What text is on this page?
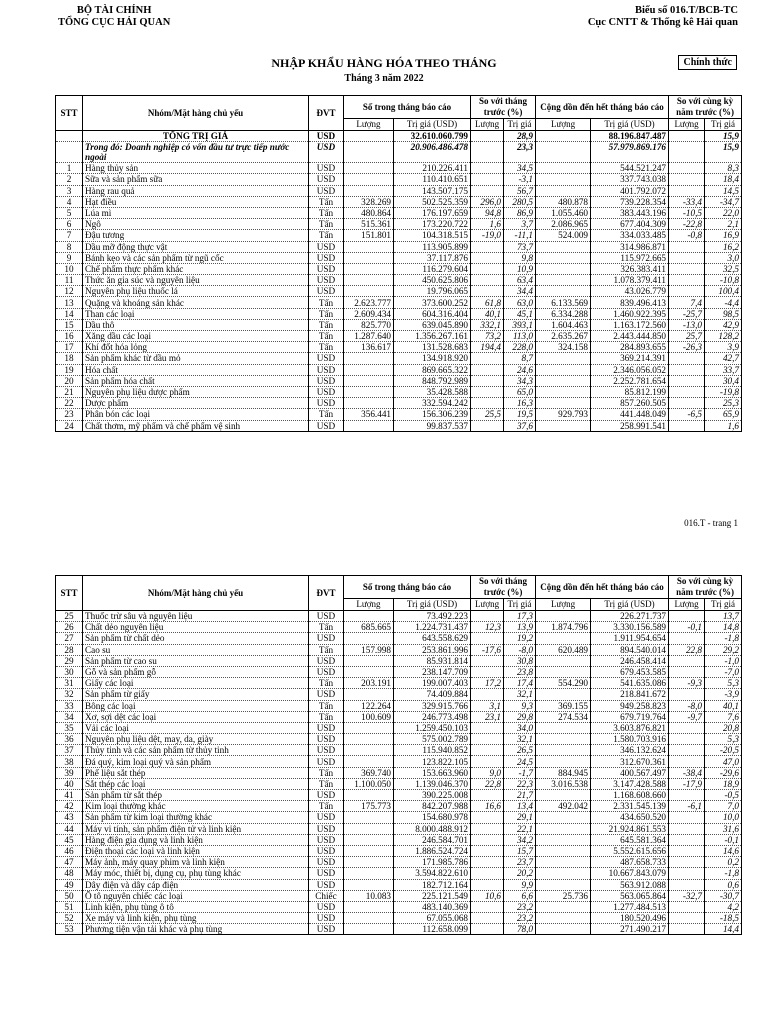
BỘ TÀI CHÍNH
TỔNG CỤC HẢI QUAN
Biểu số 016.T/BCB-TC
Cục CNTT & Thống kê Hải quan
NHẬP KHẨU HÀNG HÓA THEO THÁNG
Tháng 3 năm 2022
Chính thức
STT	Nhóm/Mặt hàng chủ yếu	ĐVT	Số trong tháng báo cáo		So với tháng trước (%)		Cộng dồn đến hết tháng báo cáo		So với cùng kỳ năm trước (%)	
			Lượng	Trị giá (USD)	Lượng	Trị giá	Lượng	Trị giá (USD)	Lượng	Trị giá
	TỔNG TRỊ GIÁ	USD		32.610.060.799		28,9		88.196.847.487		15,9
	Trong đó: Doanh nghiệp có vốn đầu tư trực tiếp nước ngoài	USD		20.906.486.478		23,3		57.979.869.176		15,9
1	Hàng thủy sản	USD		210.226.411		34,5		544.521.247		8,3
2	Sữa và sản phẩm sữa	USD		110.410.651		-3,1		337.743.038		18,4
3	Hàng rau quả	USD		143.507.175		56,7		401.792.072		14,5
4	Hạt điều	Tấn	328.269	502.525.359	296,0	280,5	480.878	739.228.354	-33,4	-34,7
5	Lúa mì	Tấn	480.864	176.197.659	94,8	86,9	1.055.460	383.443.196	-10,5	22,0
6	Ngô	Tấn	515.361	173.220.722	1,6	3,7	2.086.965	677.404.309	-22,8	2,1
7	Đậu tương	Tấn	151.801	104.318.515	-19,0	-11,1	524.009	334.033.485	-0,8	16,9
8	Dầu mỡ động thực vật	USD		113.905.899		73,7		314.986.871		16,2
9	Bánh kẹo và các sản phẩm từ ngũ cốc	USD		37.117.876		9,8		115.972.665		3,0
10	Chế phẩm thực phẩm khác	USD		116.279.604		10,9		326.383.411		32,5
11	Thức ăn gia súc và nguyên liệu	USD		450.625.806		63,4		1.078.379.411		-10,8
12	Nguyên phụ liệu thuốc lá	USD		19.796.065		34,4		43.026.779		100,4
13	Quặng và khoáng sản khác	Tấn	2.623.777	373.600.252	61,8	63,0	6.133.569	839.496.413	7,4	-4,4
14	Than các loại	Tấn	2.609.434	604.316.404	40,1	45,1	6.334.288	1.460.922.395	-25,7	98,5
15	Dầu thô	Tấn	825.770	639.045.890	332,1	393,1	1.604.463	1.163.172.560	-13,0	42,9
16	Xăng dầu các loại	Tấn	1.287.640	1.356.267.161	73,2	113,0	2.635.267	2.443.444.850	25,7	128,2
17	Khí đốt hóa lỏng	Tấn	136.617	131.528.683	194,4	228,0	324.158	284.893.655	-26,3	3,9
18	Sản phẩm khác từ dầu mỏ	USD		134.918.920		8,7		369.214.391		42,7
19	Hóa chất	USD		869.665.322		24,6		2.346.056.052		33,7
20	Sản phẩm hóa chất	USD		848.792.989		34,3		2.252.781.654		30,4
21	Nguyên phụ liệu dược phẩm	USD		35.428.588		65,0		85.812.199		-19,8
22	Dược phẩm	USD		332.594.242		16,3		857.260.505		25,3
23	Phân bón các loại	Tấn	356.441	156.306.239	25,5	19,5	929.793	441.448.049	-6,5	65,9
24	Chất thơm, mỹ phẩm và chế phẩm vệ sinh	USD		99.837.537		37,6		258.991.541		1,6
016.T - trang 1
STT	Nhóm/Mặt hàng chủ yếu	ĐVT	Số trong tháng báo cáo		So với tháng trước (%)		Cộng dồn đến hết tháng báo cáo		So với cùng kỳ năm trước (%)	
			Lượng	Trị giá (USD)	Lượng	Trị giá	Lượng	Trị giá (USD)	Lượng	Trị giá
25	Thuốc trừ sâu và nguyên liệu	USD		73.492.223		17,3		226.271.737		13,7
26	Chất dẻo nguyên liệu	Tấn	685.665	1.224.731.437	12,3	13,9	1.874.796	3.330.156.589	-0,1	14,8
27	Sản phẩm từ chất dẻo	USD		643.558.629		19,2		1.911.954.654		-1,8
28	Cao su	Tấn	157.998	253.861.996	-17,6	-8,0	620.489	894.540.014	22,8	29,2
29	Sản phẩm từ cao su	USD		85.931.814		30,8		246.458.414		-1,0
30	Gỗ và sản phẩm gỗ	USD		238.147.709		23,8		679.453.585		-7,0
31	Giấy các loại	Tấn	203.191	199.007.403	17,2	17,4	554.290	541.635.086	-9,3	5,3
32	Sản phẩm từ giấy	USD		74.409.884		32,1		218.841.672		-3,9
33	Bông các loại	Tấn	122.264	329.915.766	3,1	9,3	369.155	949.258.823	-8,0	40,1
34	Xơ, sợi dệt các loại	Tấn	100.609	246.773.498	23,1	29,8	274.534	679.719.764	-9,7	7,6
35	Vải các loại	USD		1.259.450.103		34,0		3.603.876.821		20,8
36	Nguyên phụ liệu dệt, may, da, giày	USD		575.002.789		32,1		1.580.703.916		5,3
37	Thủy tinh và các sản phẩm từ thủy tinh	USD		115.940.852		26,5		346.132.624		-20,5
38	Đá quý, kim loại quý và sản phẩm	USD		123.822.105		24,5		312.670.361		47,0
39	Phế liệu sắt thép	Tấn	369.740	153.663.960	9,0	-1,7	884.945	400.567.497	-38,4	-29,6
40	Sắt thép các loại	Tấn	1.100.050	1.139.046.370	22,8	22,3	3.016.538	3.147.428.588	-17,9	18,9
41	Sản phẩm từ sắt thép	USD		390.225.008		21,7		1.168.608.660		-0,5
42	Kim loại thường khác	Tấn	175.773	842.207.988	16,6	13,4	492.042	2.331.545.139	-6,1	7,0
43	Sản phẩm từ kim loại thường khác	USD		154.680.978		29,1		434.650.520		10,0
44	Máy vi tính, sản phẩm điện tử và linh kiện	USD		8.000.488.912		22,1		21.924.861.553		31,6
45	Hàng điện gia dụng và linh kiện	USD		246.584.701		34,2		645.581.364		-0,1
46	Điện thoại các loại và linh kiện	USD		1.886.524.724		15,7		5.552.615.656		14,6
47	Máy ảnh, máy quay phim và linh kiện	USD		171.985.786		23,7		487.658.733		0,2
48	Máy móc, thiết bị, dụng cụ, phụ tùng khác	USD		3.594.822.610		20,2		10.667.843.079		-1,8
49	Dây điện và dây cáp điện	USD		182.712.164		9,9		563.912.088		0,6
50	Ô tô nguyên chiếc các loại	Chiếc	10.083	225.121.549	10,6	6,6	25.736	563.065.864	-32,7	-30,7
51	Linh kiện, phụ tùng ô tô	USD		483.140.369		23,2		1.277.484.513		4,2
52	Xe máy và linh kiện, phụ tùng	USD		67.055.068		23,2		180.520.496		-18,5
53	Phương tiện vận tải khác và phụ tùng	USD		112.658.099		78,0		271.490.217		14,4
